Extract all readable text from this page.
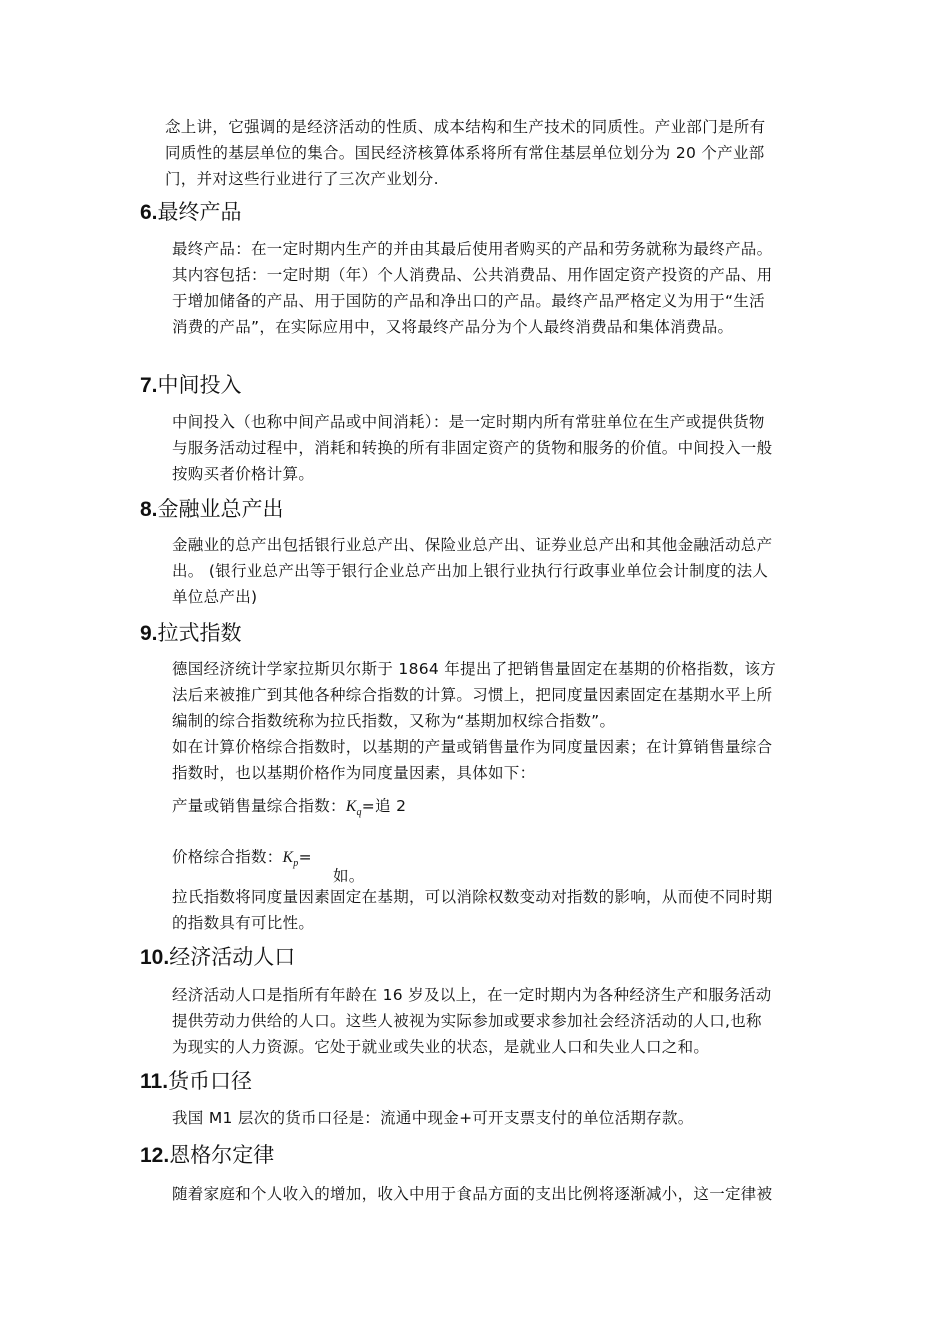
念上讲，它强调的是经济活动的性质、成本结构和生产技术的同质性。产业部门是所有
同质性的基层单位的集合。国民经济核算体系将所有常住基层单位划分为 20 个产业部
门，并对这些行业进行了三次产业划分.

6.最终产品

最终产品：在一定时期内生产的并由其最后使用者购买的产品和劳务就称为最终产品。
其内容包括：一定时期（年）个人消费品、公共消费品、用作固定资产投资的产品、用
于增加储备的产品、用于国防的产品和净出口的产品。最终产品严格定义为用于“生活
消费的产品”，在实际应用中，又将最终产品分为个人最终消费品和集体消费品。

7.中间投入

中间投入（也称中间产品或中间消耗）：是一定时期内所有常驻单位在生产或提供货物
与服务活动过程中，消耗和转换的所有非固定资产的货物和服务的价值。中间投入一般
按购买者价格计算。

8.金融业总产出

金融业的总产出包括银行业总产出、保险业总产出、证券业总产出和其他金融活动总产
出。 (银行业总产出等于银行企业总产出加上银行业执行行政事业单位会计制度的法人
单位总产出)

9.拉式指数

德国经济统计学家拉斯贝尔斯于 1864 年提出了把销售量固定在基期的价格指数，该方
法后来被推广到其他各种综合指数的计算。习惯上，把同度量因素固定在基期水平上所
编制的综合指数统称为拉氏指数，又称为“基期加权综合指数”。
如在计算价格综合指数时，以基期的产量或销售量作为同度量因素；在计算销售量综合
指数时，也以基期价格作为同度量因素，具体如下：

产量或销售量综合指数：$K_q=$追 2
价格综合指数：$K_p=$
如。

拉氏指数将同度量因素固定在基期，可以消除权数变动对指数的影响，从而使不同时期
的指数具有可比性。

10.经济活动人口

经济活动人口是指所有年龄在 16 岁及以上，在一定时期内为各种经济生产和服务活动
提供劳动力供给的人口。这些人被视为实际参加或要求参加社会经济活动的人口,也称
为现实的人力资源。它处于就业或失业的状态，是就业人口和失业人口之和。

11.货币口径

我国 M1 层次的货币口径是：流通中现金+可开支票支付的单位活期存款。

12.恩格尔定律

随着家庭和个人收入的增加，收入中用于食品方面的支出比例将逐渐减小，这一定律被
